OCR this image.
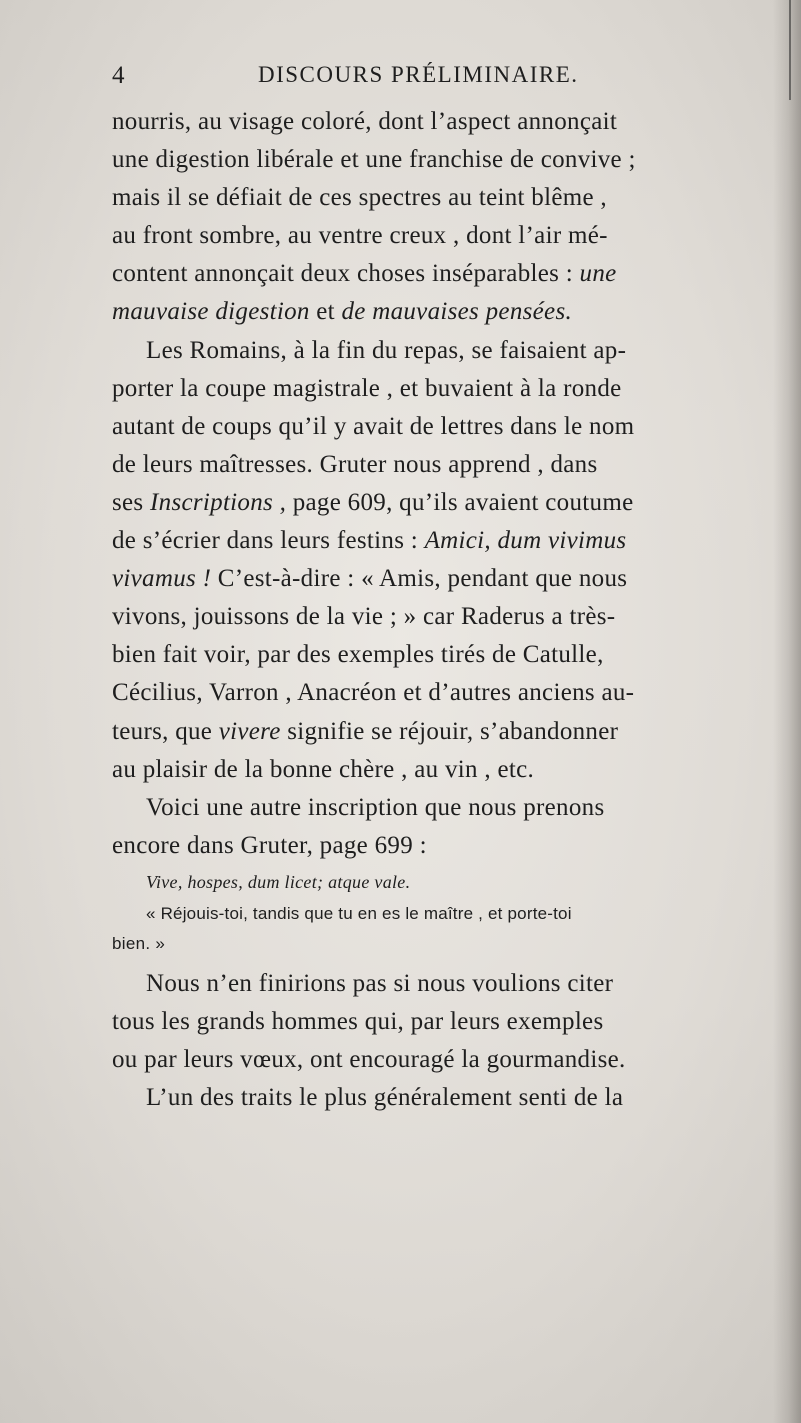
4	DISCOURS PRÉLIMINAIRE.
nourris, au visage coloré, dont l’aspect annonçait
une digestion libérale et une franchise de convive ;
mais il se défiait de ces spectres au teint blême ,
au front sombre, au ventre creux , dont l’air mé-
content annonçait deux choses inséparables : une
mauvaise digestion et de mauvaises pensées.
Les Romains, à la fin du repas, se faisaient ap-
porter la coupe magistrale , et buvaient à la ronde
autant de coups qu’il y avait de lettres dans le nom
de leurs maîtresses. Gruter nous apprend , dans
ses Inscriptions , page 609, qu’ils avaient coutume
de s’écrier dans leurs festins : Amici, dum vivimus
vivamus ! C’est-à-dire : « Amis, pendant que nous
vivons, jouissons de la vie ; » car Raderus a très-
bien fait voir, par des exemples tirés de Catulle,
Cécilius, Varron , Anacréon et d’autres anciens au-
teurs, que vivere signifie se réjouir, s’abandonner
au plaisir de la bonne chère , au vin , etc.
Voici une autre inscription que nous prenons
encore dans Gruter, page 699 :
Vive, hospes, dum licet; atque vale.
« Réjouis-toi, tandis que tu en es le maître , et porte-toi
bien. »
Nous n’en finirions pas si nous voulions citer
tous les grands hommes qui, par leurs exemples
ou par leurs vœux, ont encouragé la gourmandise.
L’un des traits le plus généralement senti de la
